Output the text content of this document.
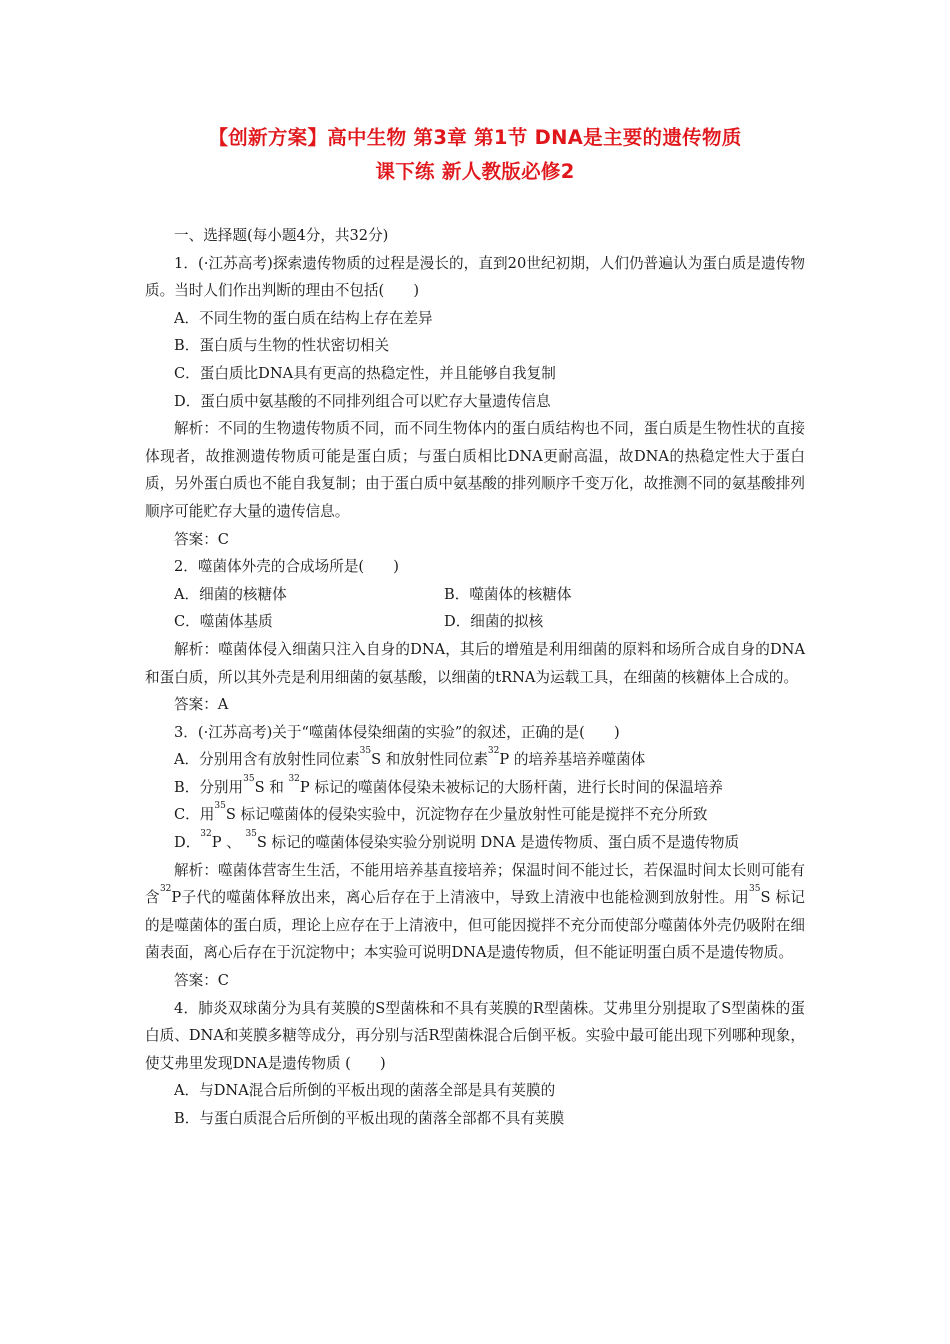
【创新方案】高中生物 第3章 第1节 DNA是主要的遗传物质
课下练 新人教版必修2

一、选择题(每小题4分，共32分)

1．(·江苏高考)探索遗传物质的过程是漫长的，直到20世纪初期，人们仍普遍认为蛋白质是遗传物质。当时人们作出判断的理由不包括(　　)

A．不同生物的蛋白质在结构上存在差异

B．蛋白质与生物的性状密切相关

C．蛋白质比DNA具有更高的热稳定性，并且能够自我复制

D．蛋白质中氨基酸的不同排列组合可以贮存大量遗传信息

解析：不同的生物遗传物质不同，而不同生物体内的蛋白质结构也不同，蛋白质是生物性状的直接体现者，故推测遗传物质可能是蛋白质；与蛋白质相比DNA更耐高温，故DNA的热稳定性大于蛋白质，另外蛋白质也不能自我复制；由于蛋白质中氨基酸的排列顺序千变万化，故推测不同的氨基酸排列顺序可能贮存大量的遗传信息。

答案：C

2．噬菌体外壳的合成场所是(　　)

A．细菌的核糖体	B．噬菌体的核糖体
C．噬菌体基质	D．细菌的拟核

解析：噬菌体侵入细菌只注入自身的DNA，其后的增殖是利用细菌的原料和场所合成自身的DNA和蛋白质，所以其外壳是利用细菌的氨基酸，以细菌的tRNA为运载工具，在细菌的核糖体上合成的。

答案：A

3．(·江苏高考)关于“噬菌体侵染细菌的实验”的叙述，正确的是(　　)

A．分别用含有放射性同位素$^{35}$S 和放射性同位素$^{32}$P 的培养基培养噬菌体

B．分别用$^{35}$S 和 $^{32}$P 标记的噬菌体侵染未被标记的大肠杆菌，进行长时间的保温培养

C．用$^{35}$S 标记噬菌体的侵染实验中，沉淀物存在少量放射性可能是搅拌不充分所致

D．$^{32}$P 、 $^{35}$S 标记的噬菌体侵染实验分别说明 DNA 是遗传物质、蛋白质不是遗传物质

解析：噬菌体营寄生生活，不能用培养基直接培养；保温时间不能过长，若保温时间太长则可能有含$^{32}$P子代的噬菌体释放出来，离心后存在于上清液中，导致上清液中也能检测到放射性。用$^{35}$S 标记的是噬菌体的蛋白质，理论上应存在于上清液中，但可能因搅拌不充分而使部分噬菌体外壳仍吸附在细菌表面，离心后存在于沉淀物中；本实验可说明DNA是遗传物质，但不能证明蛋白质不是遗传物质。

答案：C

4．肺炎双球菌分为具有荚膜的S型菌株和不具有荚膜的R型菌株。艾弗里分别提取了S型菌株的蛋白质、DNA和荚膜多糖等成分，再分别与活R型菌株混合后倒平板。实验中最可能出现下列哪种现象，使艾弗里发现DNA是遗传物质 (　　)

A．与DNA混合后所倒的平板出现的菌落全部是具有荚膜的

B．与蛋白质混合后所倒的平板出现的菌落全部都不具有荚膜
